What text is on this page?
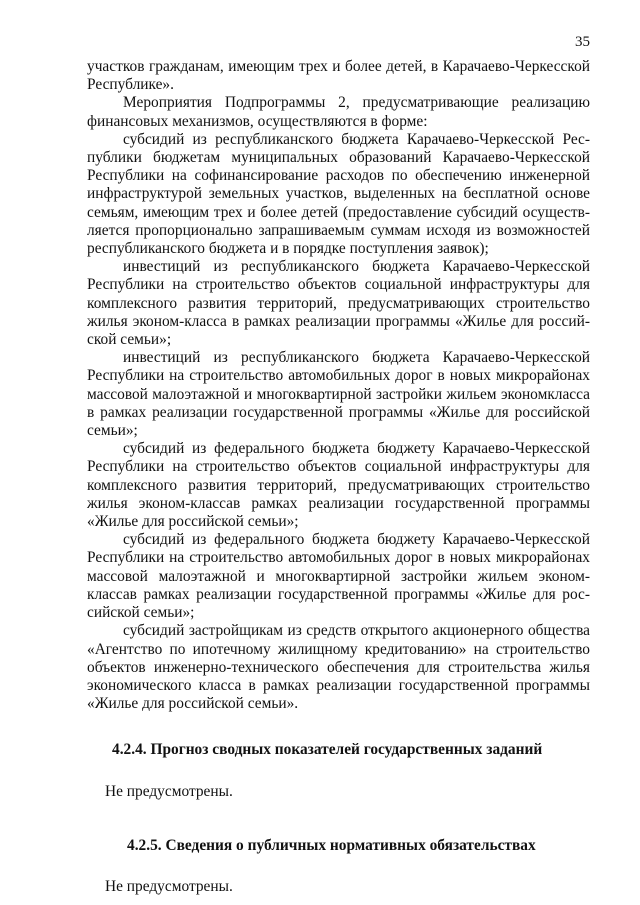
35

участков гражданам, имеющим трех и более детей, в Карачаево-Черкесской Республике».

Мероприятия Подпрограммы 2, предусматривающие реализацию финансовых механизмов, осуществляются в форме:

субсидий из республиканского бюджета Карачаево-Черкесской Республики бюджетам муниципальных образований Карачаево-Черкесской Республики на софинансирование расходов по обеспечению инженерной инфраструктурой земельных участков, выделенных на бесплатной основе семьям, имеющим трех и более детей (предоставление субсидий осуществляется пропорционально запрашиваемым суммам исходя из возможностей республиканского бюджета и в порядке поступления заявок);

инвестиций из республиканского бюджета Карачаево-Черкесской Республики на строительство объектов социальной инфраструктуры для комплексного развития территорий, предусматривающих строительство жилья эконом-класса в рамках реализации программы «Жилье для российской семьи»;

инвестиций из республиканского бюджета Карачаево-Черкесской Республики на строительство автомобильных дорог в новых микрорайонах массовой малоэтажной и многоквартирной застройки жильем экономкласса в рамках реализации государственной программы «Жилье для российской семьи»;

субсидий из федерального бюджета бюджету Карачаево-Черкесской Республики на строительство объектов социальной инфраструктуры для комплексного развития территорий, предусматривающих строительство жилья эконом-классав рамках реализации государственной программы «Жилье для российской семьи»;

субсидий из федерального бюджета бюджету Карачаево-Черкесской Республики на строительство автомобильных дорог в новых микрорайонах массовой малоэтажной и многоквартирной застройки жильем экономклассав рамках реализации государственной программы «Жилье для российской семьи»;

субсидий застройщикам из средств открытого акционерного общества «Агентство по ипотечному жилищному кредитованию» на строительство объектов инженерно-технического обеспечения для строительства жилья экономического класса в рамках реализации государственной программы «Жилье для российской семьи».

4.2.4. Прогноз сводных показателей государственных заданий

Не предусмотрены.

4.2.5. Сведения о публичных нормативных обязательствах

Не предусмотрены.
